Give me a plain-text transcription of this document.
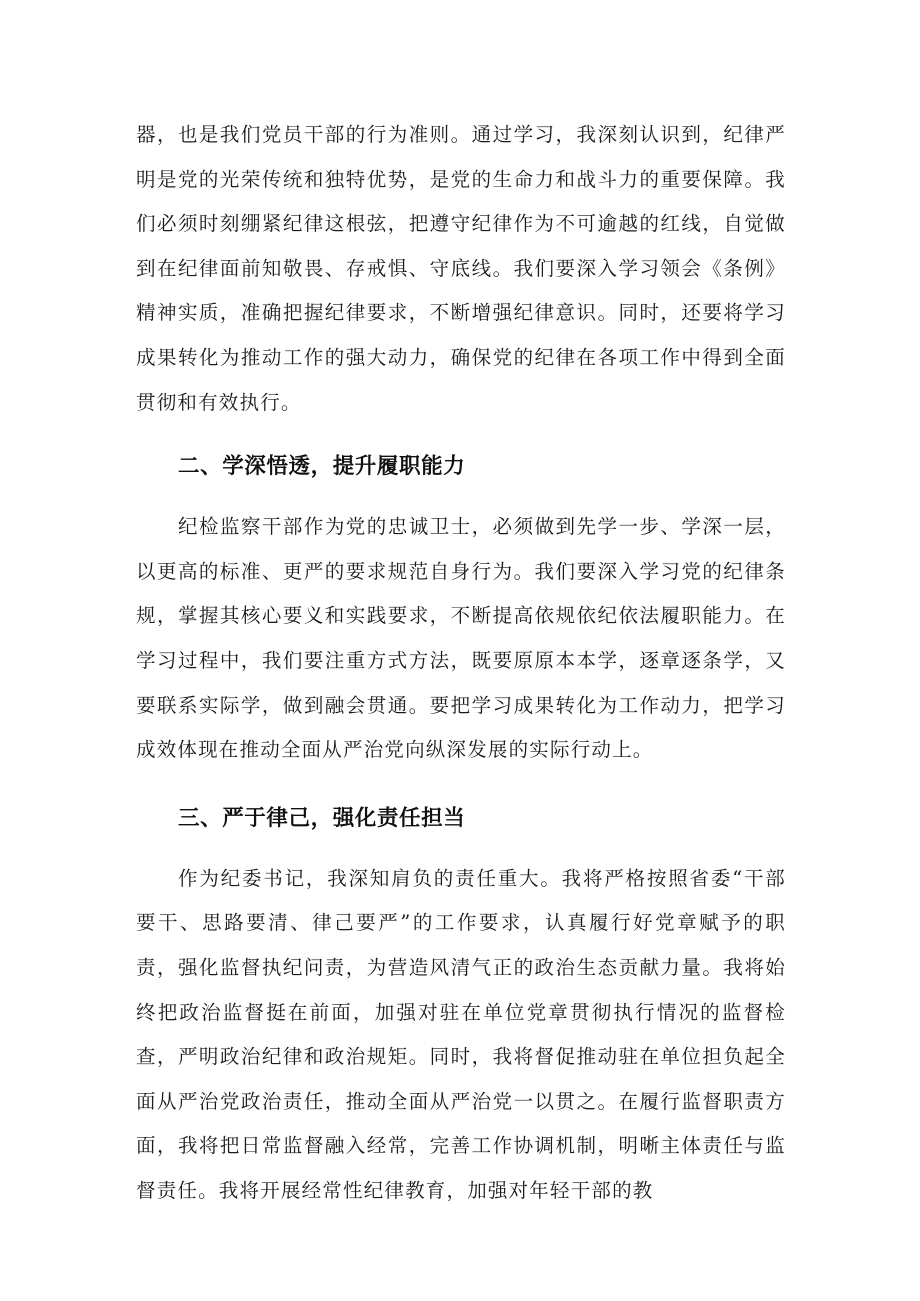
器，也是我们党员干部的行为准则。通过学习，我深刻认识到，纪律严明是党的光荣传统和独特优势，是党的生命力和战斗力的重要保障。我们必须时刻绷紧纪律这根弦，把遵守纪律作为不可逾越的红线，自觉做到在纪律面前知敬畏、存戒惧、守底线。我们要深入学习领会《条例》精神实质，准确把握纪律要求，不断增强纪律意识。同时，还要将学习成果转化为推动工作的强大动力，确保党的纪律在各项工作中得到全面贯彻和有效执行。

二、学深悟透，提升履职能力

纪检监察干部作为党的忠诚卫士，必须做到先学一步、学深一层，以更高的标准、更严的要求规范自身行为。我们要深入学习党的纪律条规，掌握其核心要义和实践要求，不断提高依规依纪依法履职能力。在学习过程中，我们要注重方式方法，既要原原本本学，逐章逐条学，又要联系实际学，做到融会贯通。要把学习成果转化为工作动力，把学习成效体现在推动全面从严治党向纵深发展的实际行动上。

三、严于律己，强化责任担当

作为纪委书记，我深知肩负的责任重大。我将严格按照省委“干部要干、思路要清、律己要严”的工作要求，认真履行好党章赋予的职责，强化监督执纪问责，为营造风清气正的政治生态贡献力量。我将始终把政治监督挺在前面，加强对驻在单位党章贯彻执行情况的监督检查，严明政治纪律和政治规矩。同时，我将督促推动驻在单位担负起全面从严治党政治责任，推动全面从严治党一以贯之。在履行监督职责方面，我将把日常监督融入经常，完善工作协调机制，明晰主体责任与监督责任。我将开展经常性纪律教育，加强对年轻干部的教
